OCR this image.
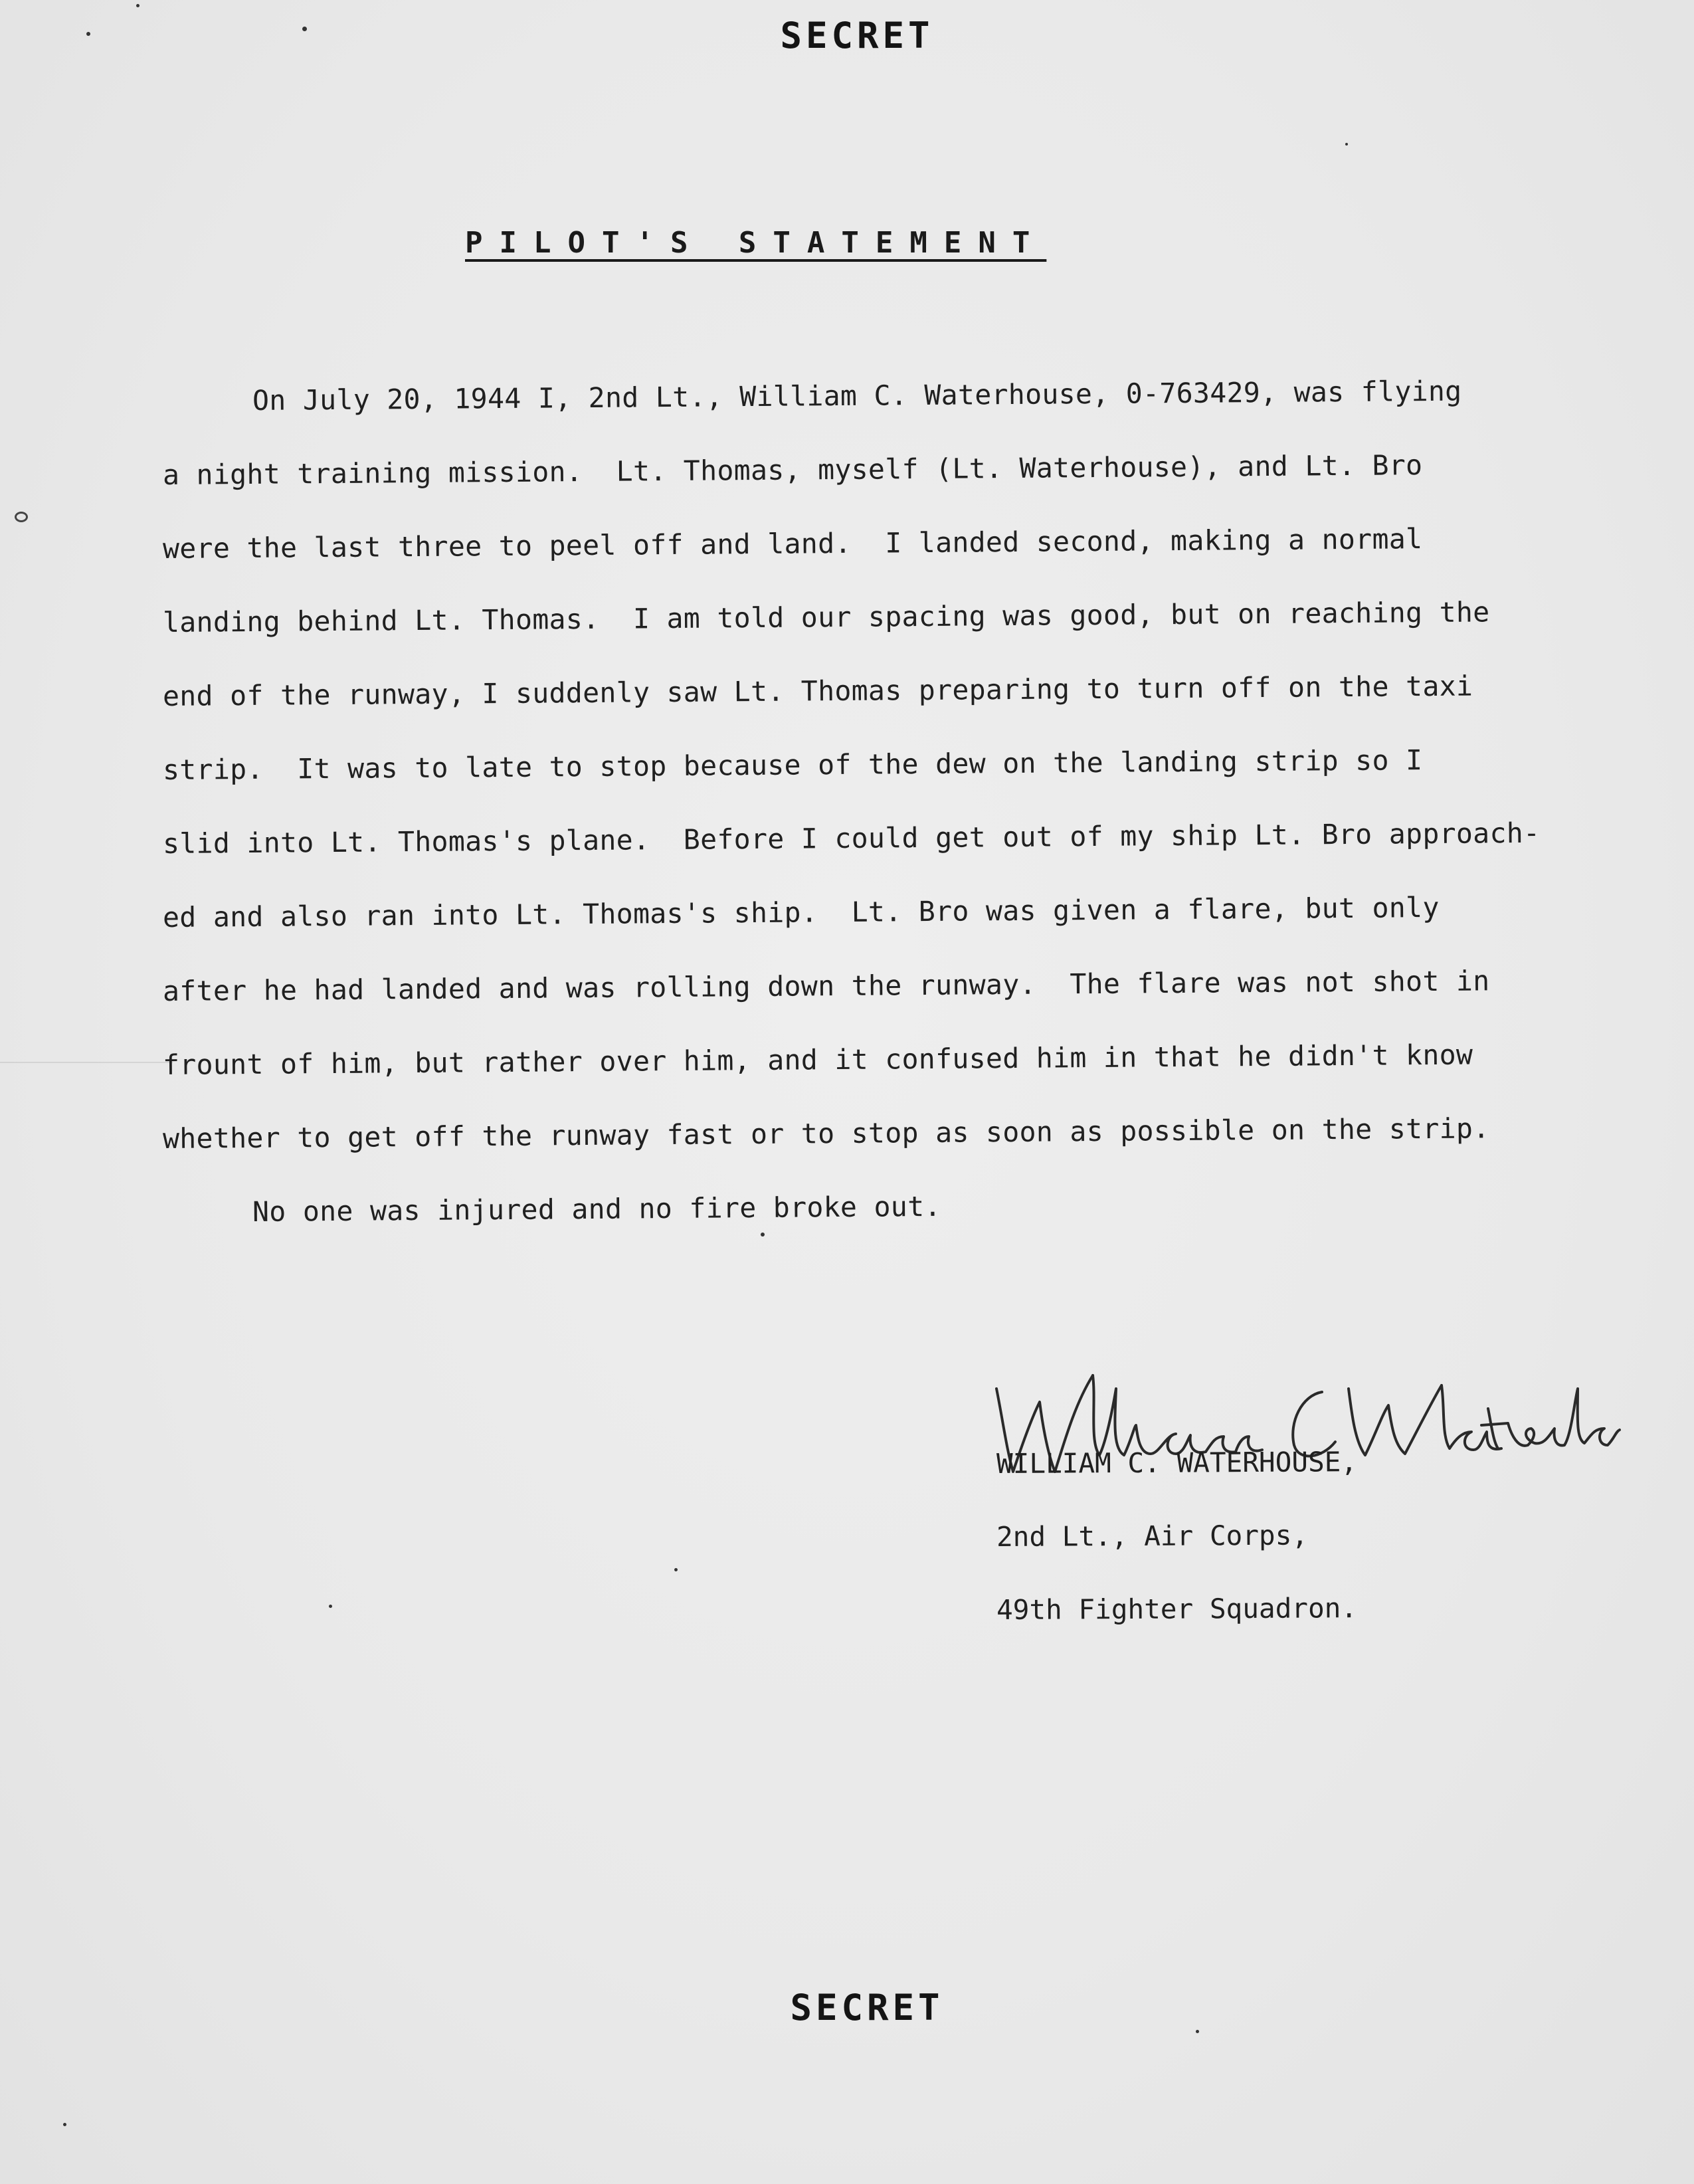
SECRET
PILOT'S STATEMENT
On July 20, 1944 I, 2nd Lt., William C. Waterhouse, 0-763429, was flying
a night training mission.  Lt. Thomas, myself (Lt. Waterhouse), and Lt. Bro
were the last three to peel off and land.  I landed second, making a normal
landing behind Lt. Thomas.  I am told our spacing was good, but on reaching the
end of the runway, I suddenly saw Lt. Thomas preparing to turn off on the taxi
strip.  It was to late to stop because of the dew on the landing strip so I
slid into Lt. Thomas's plane.  Before I could get out of my ship Lt. Bro approach-
ed and also ran into Lt. Thomas's ship.  Lt. Bro was given a flare, but only
after he had landed and was rolling down the runway.  The flare was not shot in
frount of him, but rather over him, and it confused him in that he didn't know
whether to get off the runway fast or to stop as soon as possible on the strip.
No one was injured and no fire broke out.
WILLIAM C. WATERHOUSE,
2nd Lt., Air Corps,
49th Fighter Squadron.
SECRET
